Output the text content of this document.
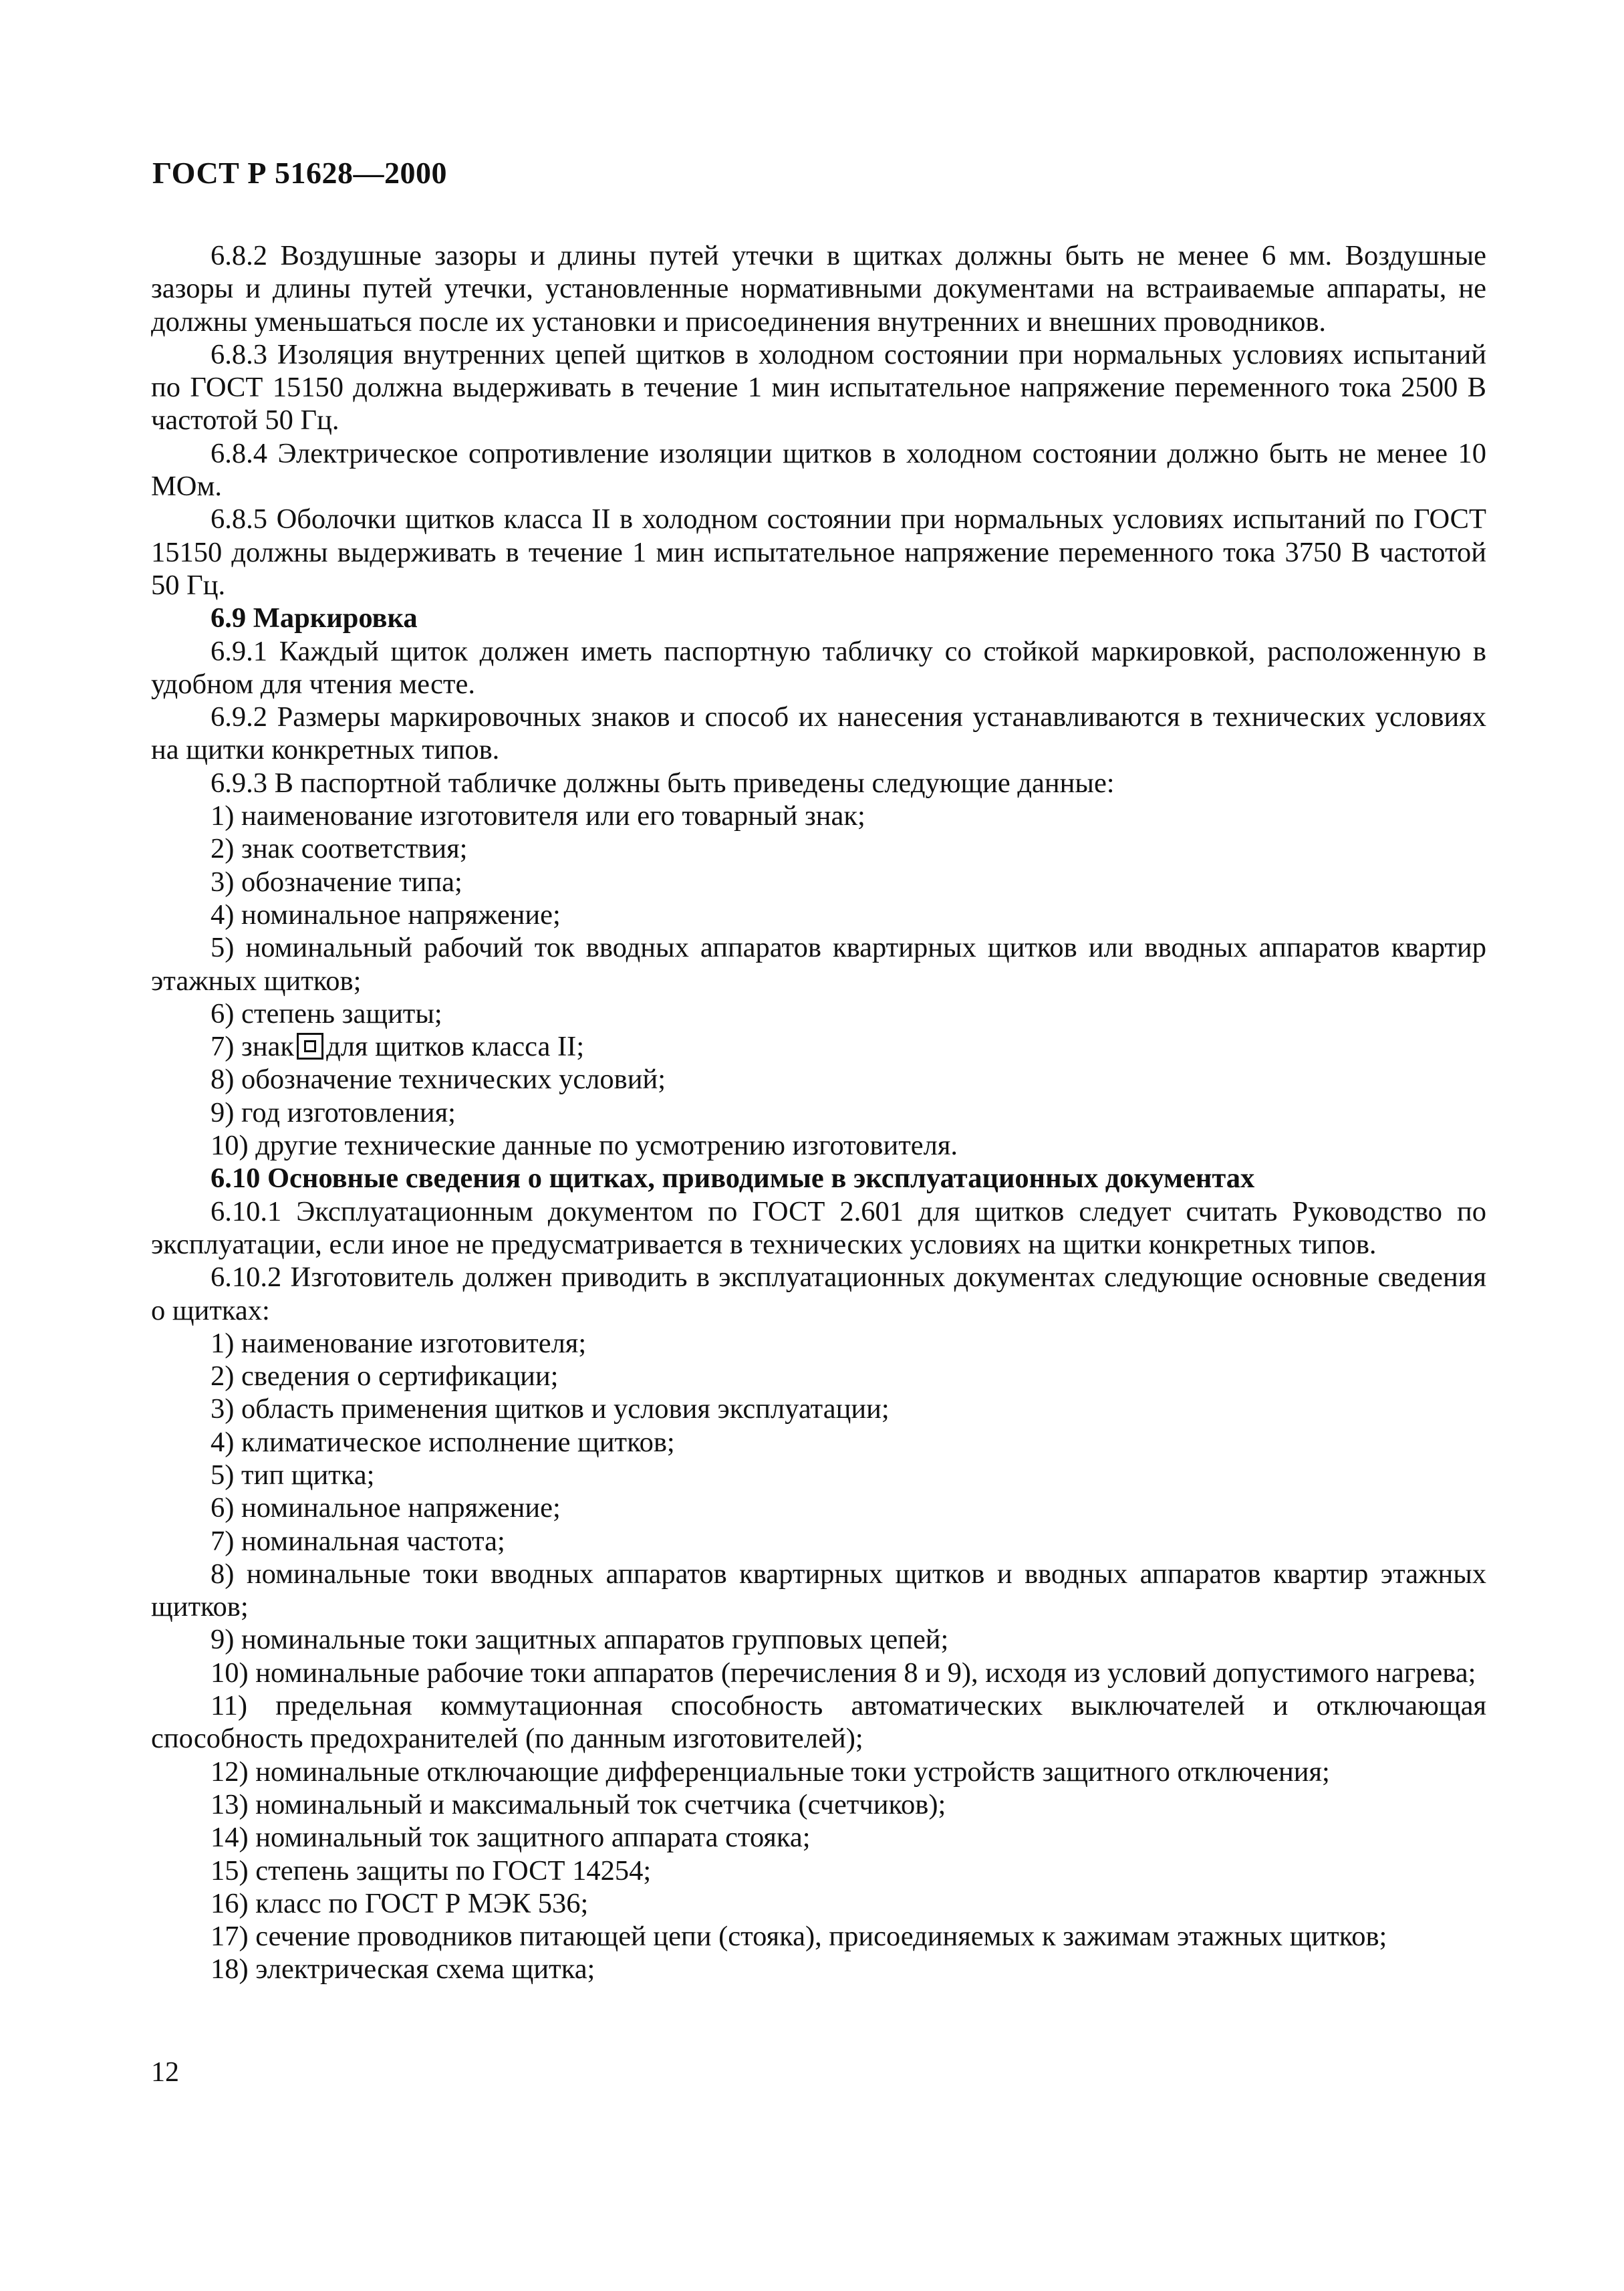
ГОСТ Р 51628—2000

6.8.2 Воздушные зазоры и длины путей утечки в щитках должны быть не менее 6 мм. Воздушные зазоры и длины путей утечки, установленные нормативными документами на встраиваемые аппараты, не должны уменьшаться после их установки и присоединения внутренних и внешних проводников.

6.8.3 Изоляция внутренних цепей щитков в холодном состоянии при нормальных условиях испытаний по ГОСТ 15150 должна выдерживать в течение 1 мин испытательное напряжение переменного тока 2500 В частотой 50 Гц.

6.8.4 Электрическое сопротивление изоляции щитков в холодном состоянии должно быть не менее 10 МОм.

6.8.5 Оболочки щитков класса II в холодном состоянии при нормальных условиях испытаний по ГОСТ 15150 должны выдерживать в течение 1 мин испытательное напряжение переменного тока 3750 В частотой 50 Гц.

6.9 Маркировка

6.9.1 Каждый щиток должен иметь паспортную табличку со стойкой маркировкой, расположенную в удобном для чтения месте.

6.9.2 Размеры маркировочных знаков и способ их нанесения устанавливаются в технических условиях на щитки конкретных типов.

6.9.3 В паспортной табличке должны быть приведены следующие данные:

1) наименование изготовителя или его товарный знак;

2) знак соответствия;

3) обозначение типа;

4) номинальное напряжение;

5) номинальный рабочий ток вводных аппаратов квартирных щитков или вводных аппаратов квартир этажных щитков;

6) степень защиты;

7) знак для щитков класса II;

8) обозначение технических условий;

9) год изготовления;

10) другие технические данные по усмотрению изготовителя.

6.10 Основные сведения о щитках, приводимые в эксплуатационных документах

6.10.1 Эксплуатационным документом по ГОСТ 2.601 для щитков следует считать Руководство по эксплуатации, если иное не предусматривается в технических условиях на щитки конкретных типов.

6.10.2 Изготовитель должен приводить в эксплуатационных документах следующие основные сведения о щитках:

1) наименование изготовителя;

2) сведения о сертификации;

3) область применения щитков и условия эксплуатации;

4) климатическое исполнение щитков;

5) тип щитка;

6) номинальное напряжение;

7) номинальная частота;

8) номинальные токи вводных аппаратов квартирных щитков и вводных аппаратов квартир этажных щитков;

9) номинальные токи защитных аппаратов групповых цепей;

10) номинальные рабочие токи аппаратов (перечисления 8 и 9), исходя из условий допустимого нагрева;

11) предельная коммутационная способность автоматических выключателей и отключающая способность предохранителей (по данным изготовителей);

12) номинальные отключающие дифференциальные токи устройств защитного отключения;

13) номинальный и максимальный ток счетчика (счетчиков);

14) номинальный ток защитного аппарата стояка;

15) степень защиты по ГОСТ 14254;

16) класс по ГОСТ Р МЭК 536;

17) сечение проводников питающей цепи (стояка), присоединяемых к зажимам этажных щитков;

18) электрическая схема щитка;

12
